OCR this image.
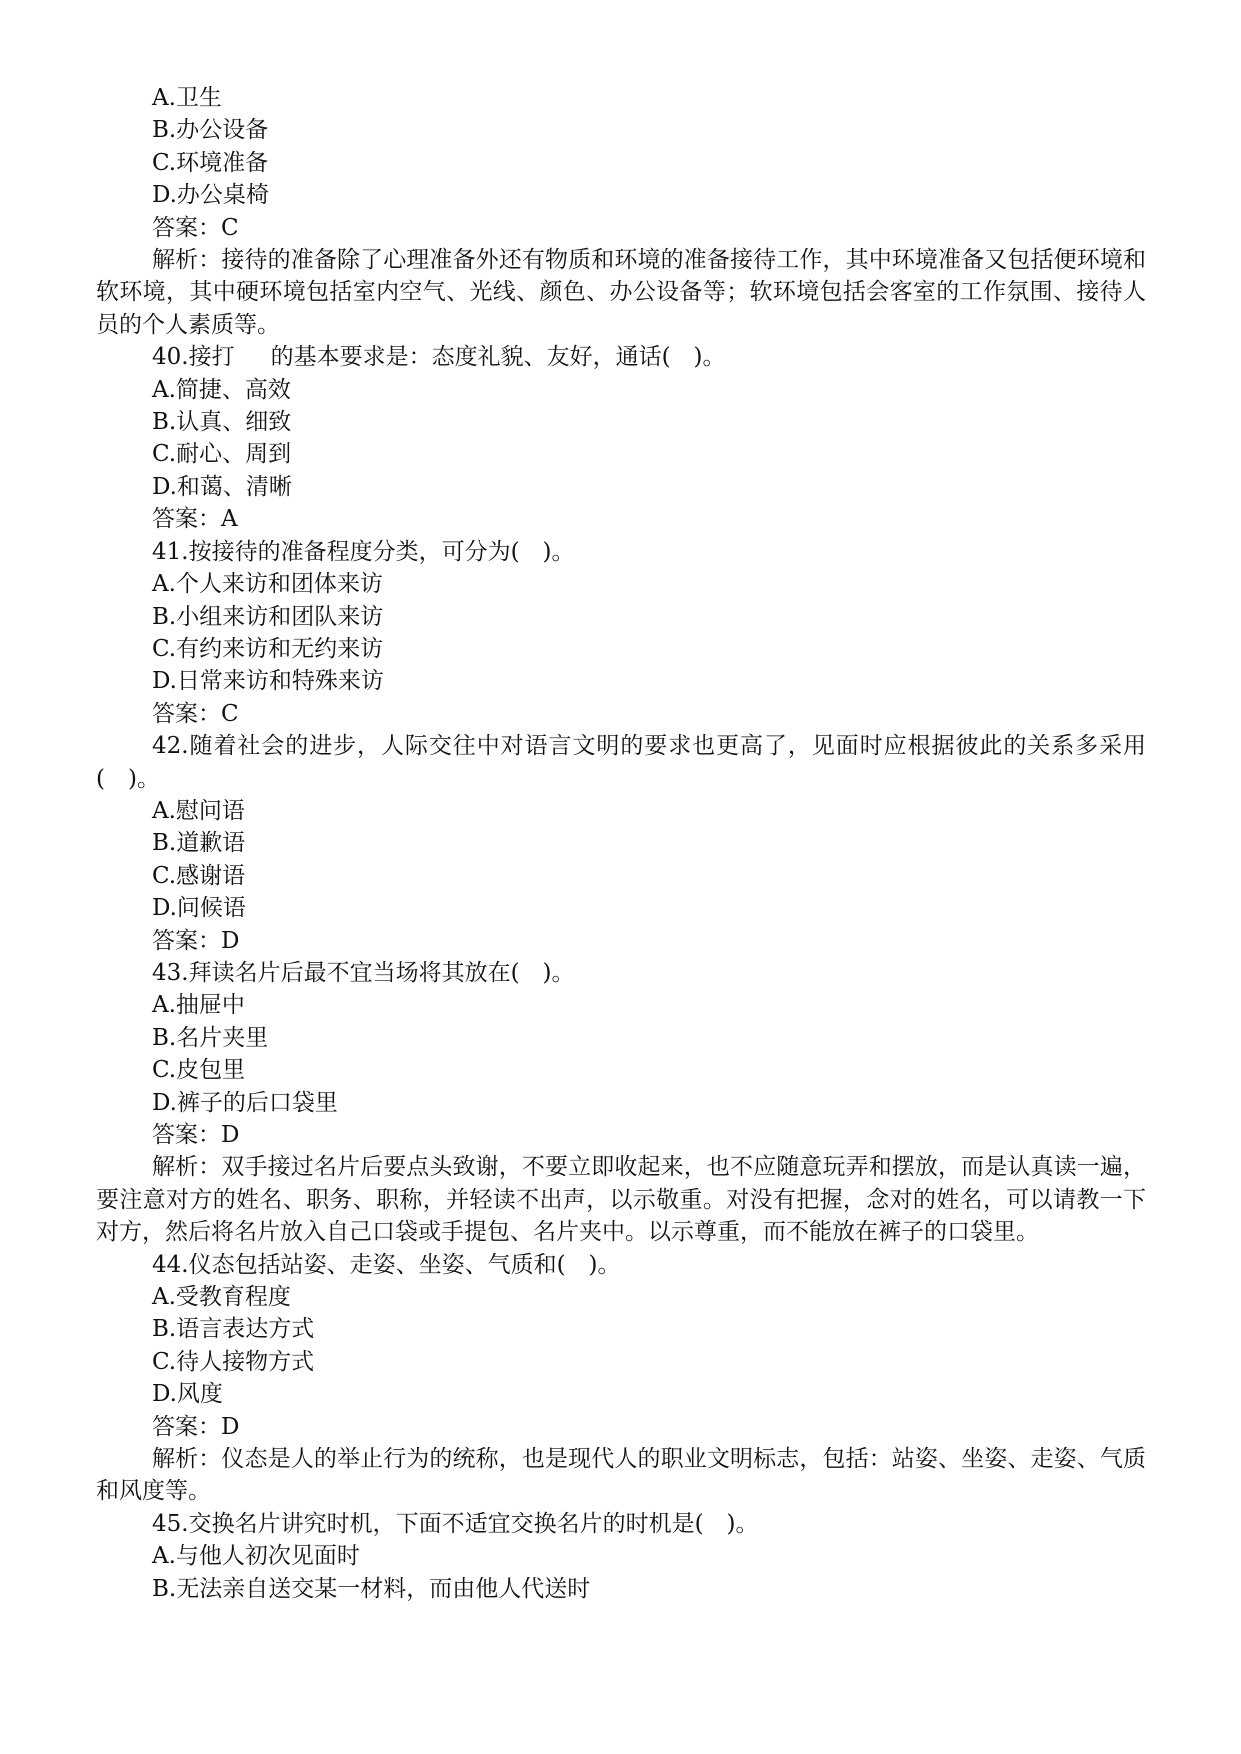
A.卫生

B.办公设备

C.环境准备

D.办公桌椅

答案：C

解析：接待的准备除了心理准备外还有物质和环境的准备接待工作，其中环境准备又包括便环境和软环境，其中硬环境包括室内空气、光线、颜色、办公设备等；软环境包括会客室的工作氛围、接待人员的个人素质等。

40.接打 的基本要求是：态度礼貌、友好，通话(　)。

A.简捷、高效

B.认真、细致

C.耐心、周到

D.和蔼、清晰

答案：A

41.按接待的准备程度分类，可分为(　)。

A.个人来访和团体来访

B.小组来访和团队来访

C.有约来访和无约来访

D.日常来访和特殊来访

答案：C

42.随着社会的进步，人际交往中对语言文明的要求也更高了，见面时应根据彼此的关系多采用(　)。

A.慰问语

B.道歉语

C.感谢语

D.问候语

答案：D

43.拜读名片后最不宜当场将其放在(　)。

A.抽屉中

B.名片夹里

C.皮包里

D.裤子的后口袋里

答案：D

解析：双手接过名片后要点头致谢，不要立即收起来，也不应随意玩弄和摆放，而是认真读一遍，要注意对方的姓名、职务、职称，并轻读不出声，以示敬重。对没有把握，念对的姓名，可以请教一下对方，然后将名片放入自己口袋或手提包、名片夹中。以示尊重，而不能放在裤子的口袋里。

44.仪态包括站姿、走姿、坐姿、气质和(　)。

A.受教育程度

B.语言表达方式

C.待人接物方式

D.风度

答案：D

解析：仪态是人的举止行为的统称，也是现代人的职业文明标志，包括：站姿、坐姿、走姿、气质和风度等。

45.交换名片讲究时机，下面不适宜交换名片的时机是(　)。

A.与他人初次见面时

B.无法亲自送交某一材料，而由他人代送时
